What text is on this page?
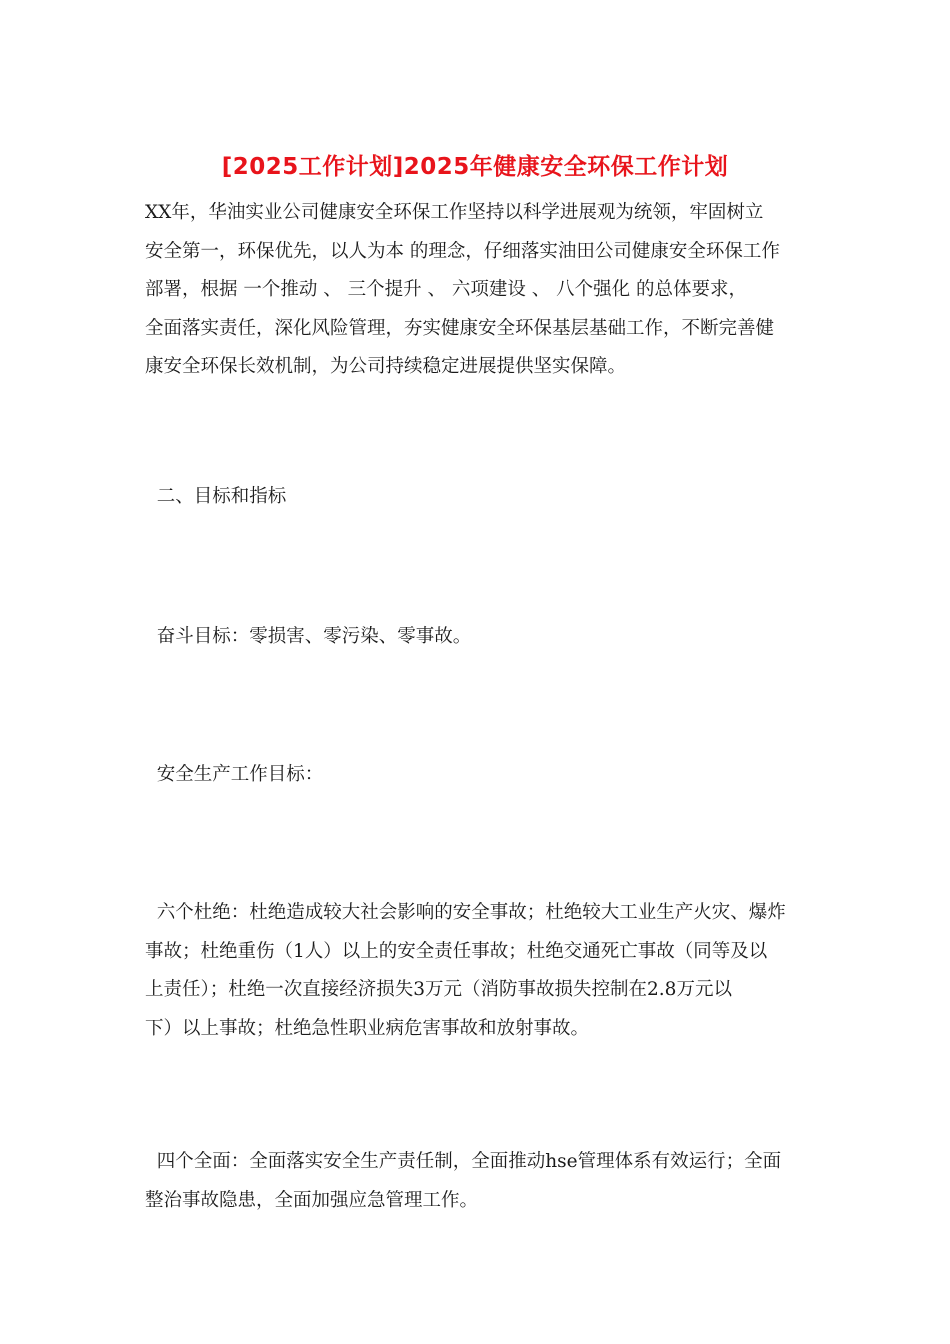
[2025工作计划]2025年健康安全环保工作计划

XX年，华油实业公司健康安全环保工作坚持以科学进展观为统领，牢固树立
安全第一，环保优先，以人为本 的理念，仔细落实油田公司健康安全环保工作
部署，根据 一个推动 、 三个提升 、 六项建设 、 八个强化 的总体要求，
全面落实责任，深化风险管理，夯实健康安全环保基层基础工作，不断完善健
康安全环保长效机制，为公司持续稳定进展提供坚实保障。

二、目标和指标
奋斗目标：零损害、零污染、零事故。
安全生产工作目标：

六个杜绝：杜绝造成较大社会影响的安全事故；杜绝较大工业生产火灾、爆炸
事故；杜绝重伤（1人）以上的安全责任事故；杜绝交通死亡事故（同等及以
上责任）；杜绝一次直接经济损失3万元（消防事故损失控制在2.8万元以
下）以上事故；杜绝急性职业病危害事故和放射事故。

四个全面：全面落实安全生产责任制，全面推动hse管理体系有效运行；全面
整治事故隐患，全面加强应急管理工作。
